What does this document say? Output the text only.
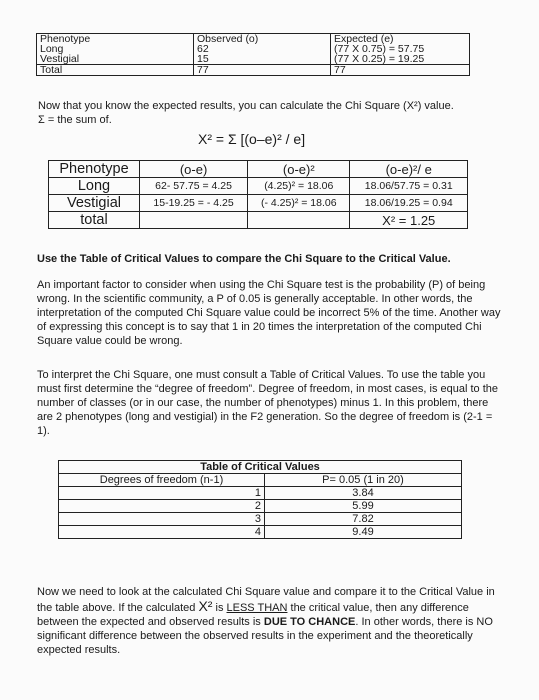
Phenotype	Observed (o)	Expected (e)
Long	62	(77 X 0.75) = 57.75
Vestigial	15	(77 X 0.25) = 19.25
Total	77	77
Now that you know the expected results, you can calculate the Chi Square (X²) value.
Σ = the sum of.
X² = Σ [(o–e)² / e]
Phenotype	(o-e)	(o-e)²	(o-e)²/ e
Long	62- 57.75 = 4.25	(4.25)² = 18.06	18.06/57.75 = 0.31
Vestigial	15-19.25 = - 4.25	(- 4.25)² = 18.06	18.06/19.25 = 0.94
total			X² = 1.25
Use the Table of Critical Values to compare the Chi Square to the Critical Value.
An important factor to consider when using the Chi Square test is the probability (P) of being wrong. In the scientific community, a P of 0.05 is generally acceptable. In other words, the interpretation of the computed Chi Square value could be incorrect 5% of the time. Another way of expressing this concept is to say that 1 in 20 times the interpretation of the computed Chi Square value could be wrong.
To interpret the Chi Square, one must consult a Table of Critical Values. To use the table you must first determine the “degree of freedom”. Degree of freedom, in most cases, is equal to the number of classes (or in our case, the number of phenotypes) minus 1. In this problem, there are 2 phenotypes (long and vestigial) in the F2 generation. So the degree of freedom is (2-1 = 1).
Table of Critical Values	
Degrees of freedom (n-1)	P= 0.05 (1 in 20)
1	3.84
2	5.99
3	7.82
4	9.49
Now we need to look at the calculated Chi Square value and compare it to the Critical Value in the table above. If the calculated X² is LESS THAN the critical value, then any difference between the expected and observed results is DUE TO CHANCE. In other words, there is NO significant difference between the observed results in the experiment and the theoretically expected results.
